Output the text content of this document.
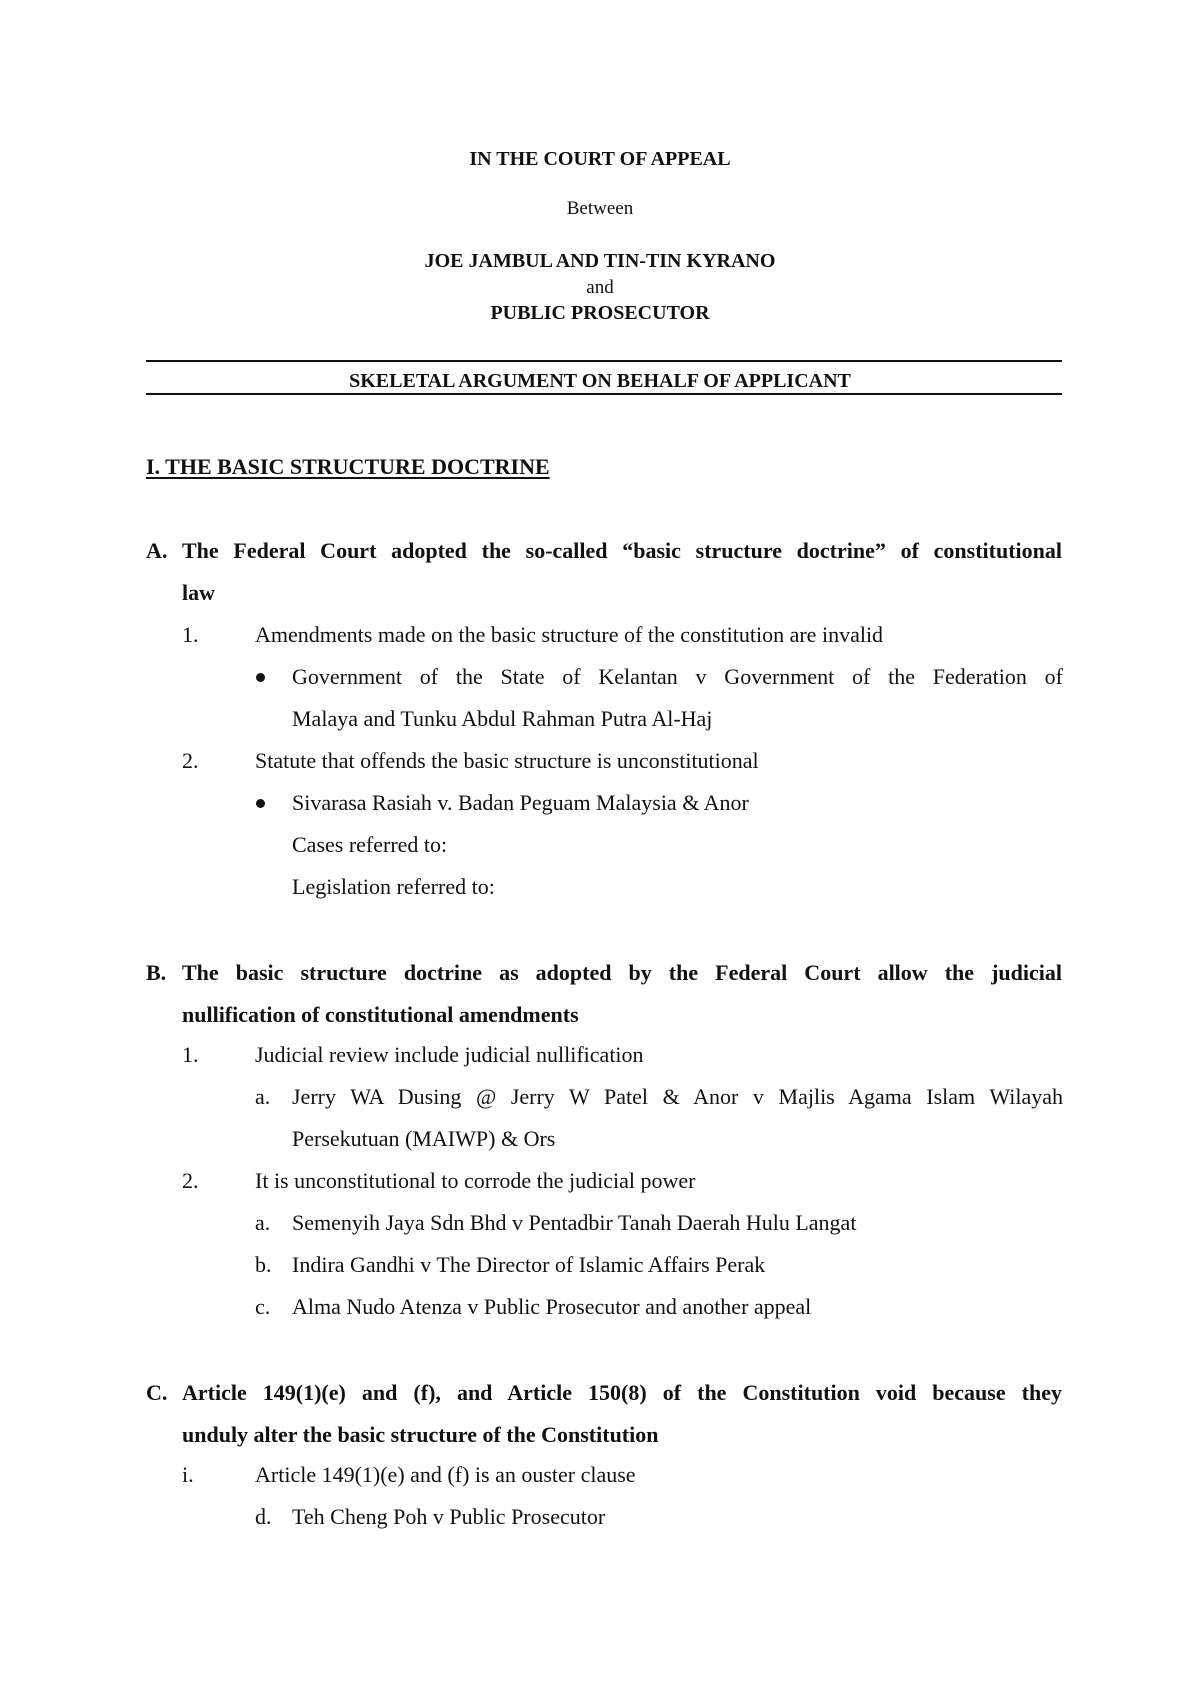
IN THE COURT OF APPEAL
Between
JOE JAMBUL AND TIN-TIN KYRANO
and
PUBLIC PROSECUTOR
SKELETAL ARGUMENT ON BEHALF OF APPLICANT
I. THE BASIC STRUCTURE DOCTRINE
A. The Federal Court adopted the so-called “basic structure doctrine” of constitutional
law
1.	Amendments made on the basic structure of the constitution are invalid
Government of the State of Kelantan v Government of the Federation of
Malaya and Tunku Abdul Rahman Putra Al-Haj
2.	Statute that offends the basic structure is unconstitutional
Sivarasa Rasiah v. Badan Peguam Malaysia & Anor
Cases referred to:
Legislation referred to:
B. The basic structure doctrine as adopted by the Federal Court allow the judicial
nullification of constitutional amendments
1.	Judicial review include judicial nullification
a. Jerry WA Dusing @ Jerry W Patel & Anor v Majlis Agama Islam Wilayah
Persekutuan (MAIWP) & Ors
2.	It is unconstitutional to corrode the judicial power
a. Semenyih Jaya Sdn Bhd v Pentadbir Tanah Daerah Hulu Langat
b. Indira Gandhi v The Director of Islamic Affairs Perak
c. Alma Nudo Atenza v Public Prosecutor and another appeal
C. Article 149(1)(e) and (f), and Article 150(8) of the Constitution void because they
unduly alter the basic structure of the Constitution
i.	Article 149(1)(e) and (f) is an ouster clause
d. Teh Cheng Poh v Public Prosecutor
